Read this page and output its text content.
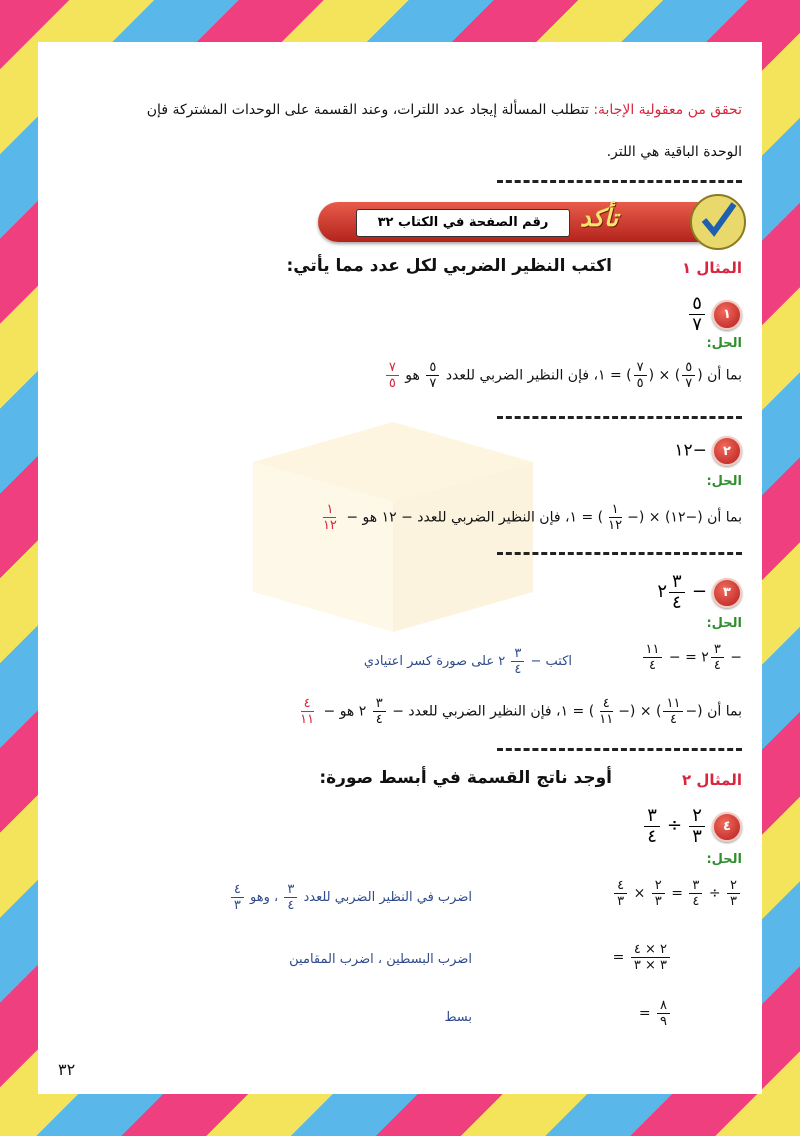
تحقق من معقولية الإجابة: تتطلب المسألة إيجاد عدد اللترات، وعند القسمة على الوحدات المشتركة فإن
الوحدة الباقية هي اللتر.
رقم الصفحة في الكتاب ٣٢	تأكد
المثال ١
اكتب النظير الضربي لكل عدد مما يأتي:
١
$\frac{٥}{٧}$
الحل:
بما أن (
$\frac{٥}{٧}$
) × (
$\frac{٧}{٥}$
) = ١، فإن النظير الضربي للعدد
$\frac{٥}{٧}$
هو
$\frac{٧}{٥}$
٢ −١٢
الحل:
بما أن (−١٢) × (−
$\frac{١}{١٢}$
) = ١، فإن النظير الضربي للعدد − ١٢ هو −
$\frac{١}{١٢}$
٣ −
$\frac{٣}{٤}$
٢
الحل:
−
$\frac{٣}{٤}$
٢ = −
$\frac{١١}{٤}$
اكتب −
$\frac{٣}{٤}$
٢ على صورة كسر اعتيادي
بما أن (−
$\frac{١١}{٤}$
) × (−
$\frac{٤}{١١}$
) = ١، فإن النظير الضربي للعدد −
$\frac{٣}{٤}$
٢ هو −
$\frac{٤}{١١}$
المثال ٢
أوجد ناتج القسمة في أبسط صورة:
٤
$\frac{٢}{٣}$
÷
$\frac{٣}{٤}$
الحل:
$\frac{٢}{٣}$
÷
$\frac{٣}{٤}$
=
$\frac{٢}{٣}$
×
$\frac{٤}{٣}$
اضرب في النظير الضربي للعدد
$\frac{٣}{٤}$
، وهو
$\frac{٤}{٣}$
$\frac{٢ \times ٤}{٣ \times ٣}$
=
اضرب البسطين ، اضرب المقامين
$\frac{٨}{٩}$
=
بسط
٣٢
